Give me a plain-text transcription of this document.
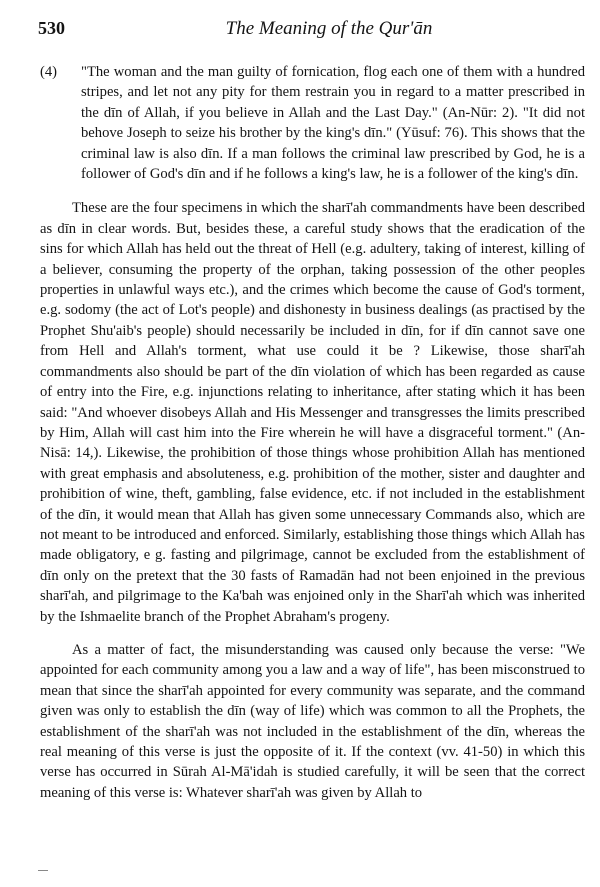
530	The Meaning of the Qur'ān
(4) "The woman and the man guilty of fornication, flog each one of them with a hundred stripes, and let not any pity for them restrain you in regard to a matter prescribed in the dīn of Allah, if you believe in Allah and the Last Day." (An-Nūr: 2). "It did not behove Joseph to seize his brother by the king's dīn." (Yūsuf: 76). This shows that the criminal law is also dīn. If a man follows the criminal law prescribed by God, he is a follower of God's dīn and if he follows a king's law, he is a follower of the king's dīn.

These are the four specimens in which the sharī'ah commandments have been described as dīn in clear words. But, besides these, a careful study shows that the eradication of the sins for which Allah has held out the threat of Hell (e.g. adultery, taking of interest, killing of a believer, consuming the property of the orphan, taking possession of the other peoples properties in unlawful ways etc.), and the crimes which become the cause of God's torment, e.g. sodomy (the act of Lot's people) and dishonesty in business dealings (as practised by the Prophet Shu'aib's people) should necessarily be included in dīn, for if dīn cannot save one from Hell and Allah's torment, what use could it be ? Likewise, those sharī'ah commandments also should be part of the dīn violation of which has been regarded as cause of entry into the Fire, e.g. injunctions relating to inheritance, after stating which it has been said: "And whoever disobeys Allah and His Messenger and transgresses the limits prescribed by Him, Allah will cast him into the Fire wherein he will have a disgraceful torment." (An-Nisā: 14,). Likewise, the prohibition of those things whose prohibition Allah has mentioned with great emphasis and absoluteness, e.g. prohibition of the mother, sister and daughter and prohibition of wine, theft, gambling, false evidence, etc. if not included in the establishment of the dīn, it would mean that Allah has given some unnecessary Commands also, which are not meant to be introduced and enforced. Similarly, establishing those things which Allah has made obligatory, e g. fasting and pilgrimage, cannot be excluded from the establishment of dīn only on the pretext that the 30 fasts of Ramadān had not been enjoined in the previous sharī'ah, and pilgrimage to the Ka'bah was enjoined only in the Sharī'ah which was inherited by the Ishmaelite branch of the Prophet Abraham's progeny.

As a matter of fact, the misunderstanding was caused only because the verse: "We appointed for each community among you a law and a way of life", has been misconstrued to mean that since the sharī'ah appointed for every community was separate, and the command given was only to establish the dīn (way of life) which was common to all the Prophets, the establishment of the sharī'ah was not included in the establishment of the dīn, whereas the real meaning of this verse is just the opposite of it. If the context (vv. 41-50) in which this verse has occurred in Sūrah Al-Mā'idah is studied carefully, it will be seen that the correct meaning of this verse is: Whatever sharī'ah was given by Allah to
